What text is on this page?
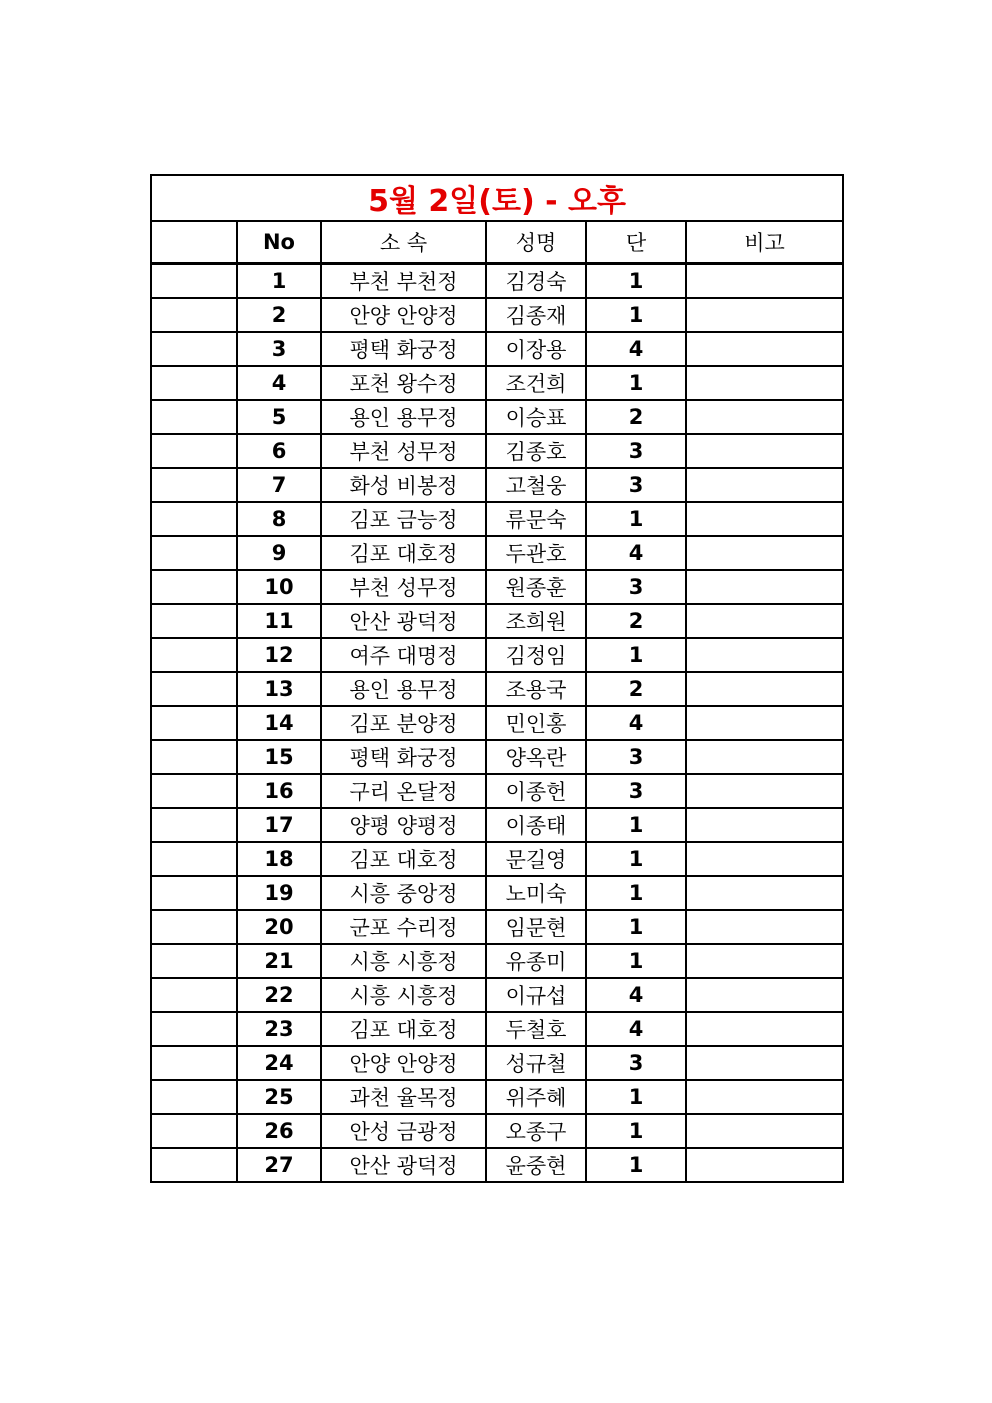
5월 2일(토) - 오후					
	No	소 속	성명	단	비고
	1	부천 부천정	김경숙	1	
	2	안양 안양정	김종재	1	
	3	평택 화궁정	이장용	4	
	4	포천 왕수정	조건희	1	
	5	용인 용무정	이승표	2	
	6	부천 성무정	김종호	3	
	7	화성 비봉정	고철웅	3	
	8	김포 금능정	류문숙	1	
	9	김포 대호정	두관호	4	
	10	부천 성무정	원종훈	3	
	11	안산 광덕정	조희원	2	
	12	여주 대명정	김정임	1	
	13	용인 용무정	조용국	2	
	14	김포 분양정	민인홍	4	
	15	평택 화궁정	양옥란	3	
	16	구리 온달정	이종헌	3	
	17	양평 양평정	이종태	1	
	18	김포 대호정	문길영	1	
	19	시흥 중앙정	노미숙	1	
	20	군포 수리정	임문현	1	
	21	시흥 시흥정	유종미	1	
	22	시흥 시흥정	이규섭	4	
	23	김포 대호정	두철호	4	
	24	안양 안양정	성규철	3	
	25	과천 율목정	위주혜	1	
	26	안성 금광정	오종구	1	
	27	안산 광덕정	윤중현	1	
